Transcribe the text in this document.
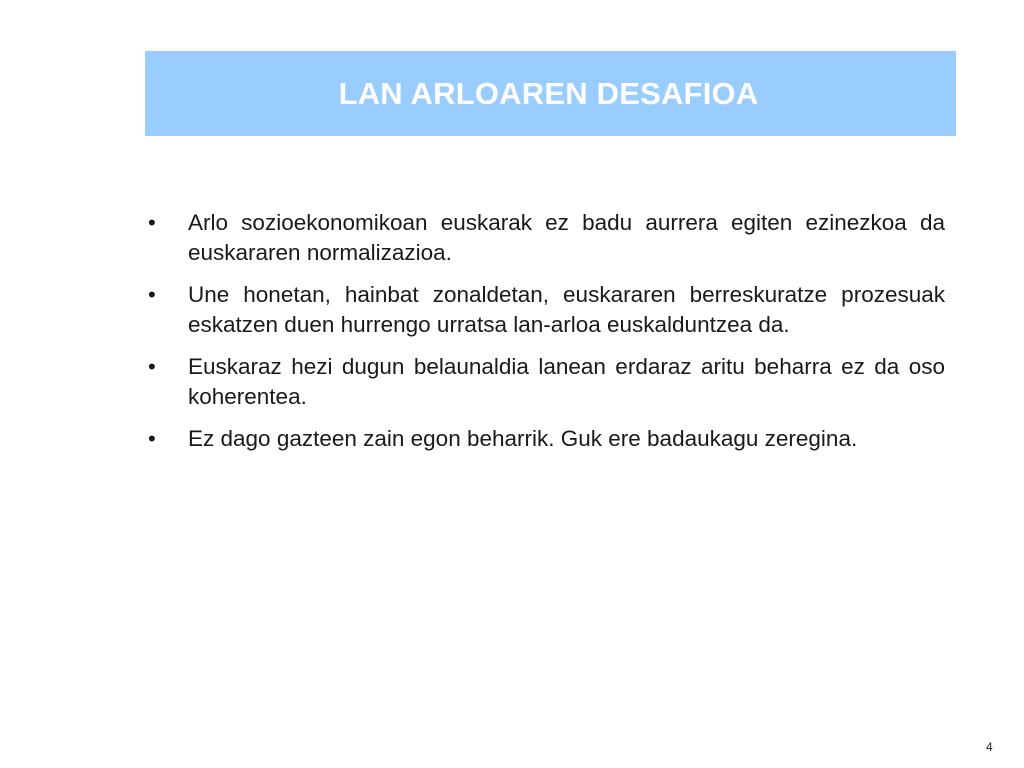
LAN ARLOAREN DESAFIOA
•	Arlo sozioekonomikoan euskarak ez badu aurrera egiten ezinezkoa da euskararen normalizazioa.
•	Une honetan, hainbat zonaldetan, euskararen berreskuratze prozesuak eskatzen duen hurrengo urratsa lan-arloa euskalduntzea da.
•	Euskaraz hezi dugun belaunaldia lanean erdaraz aritu beharra ez da oso koherentea.
•	Ez dago gazteen zain egon beharrik. Guk ere badaukagu zeregina.
4
